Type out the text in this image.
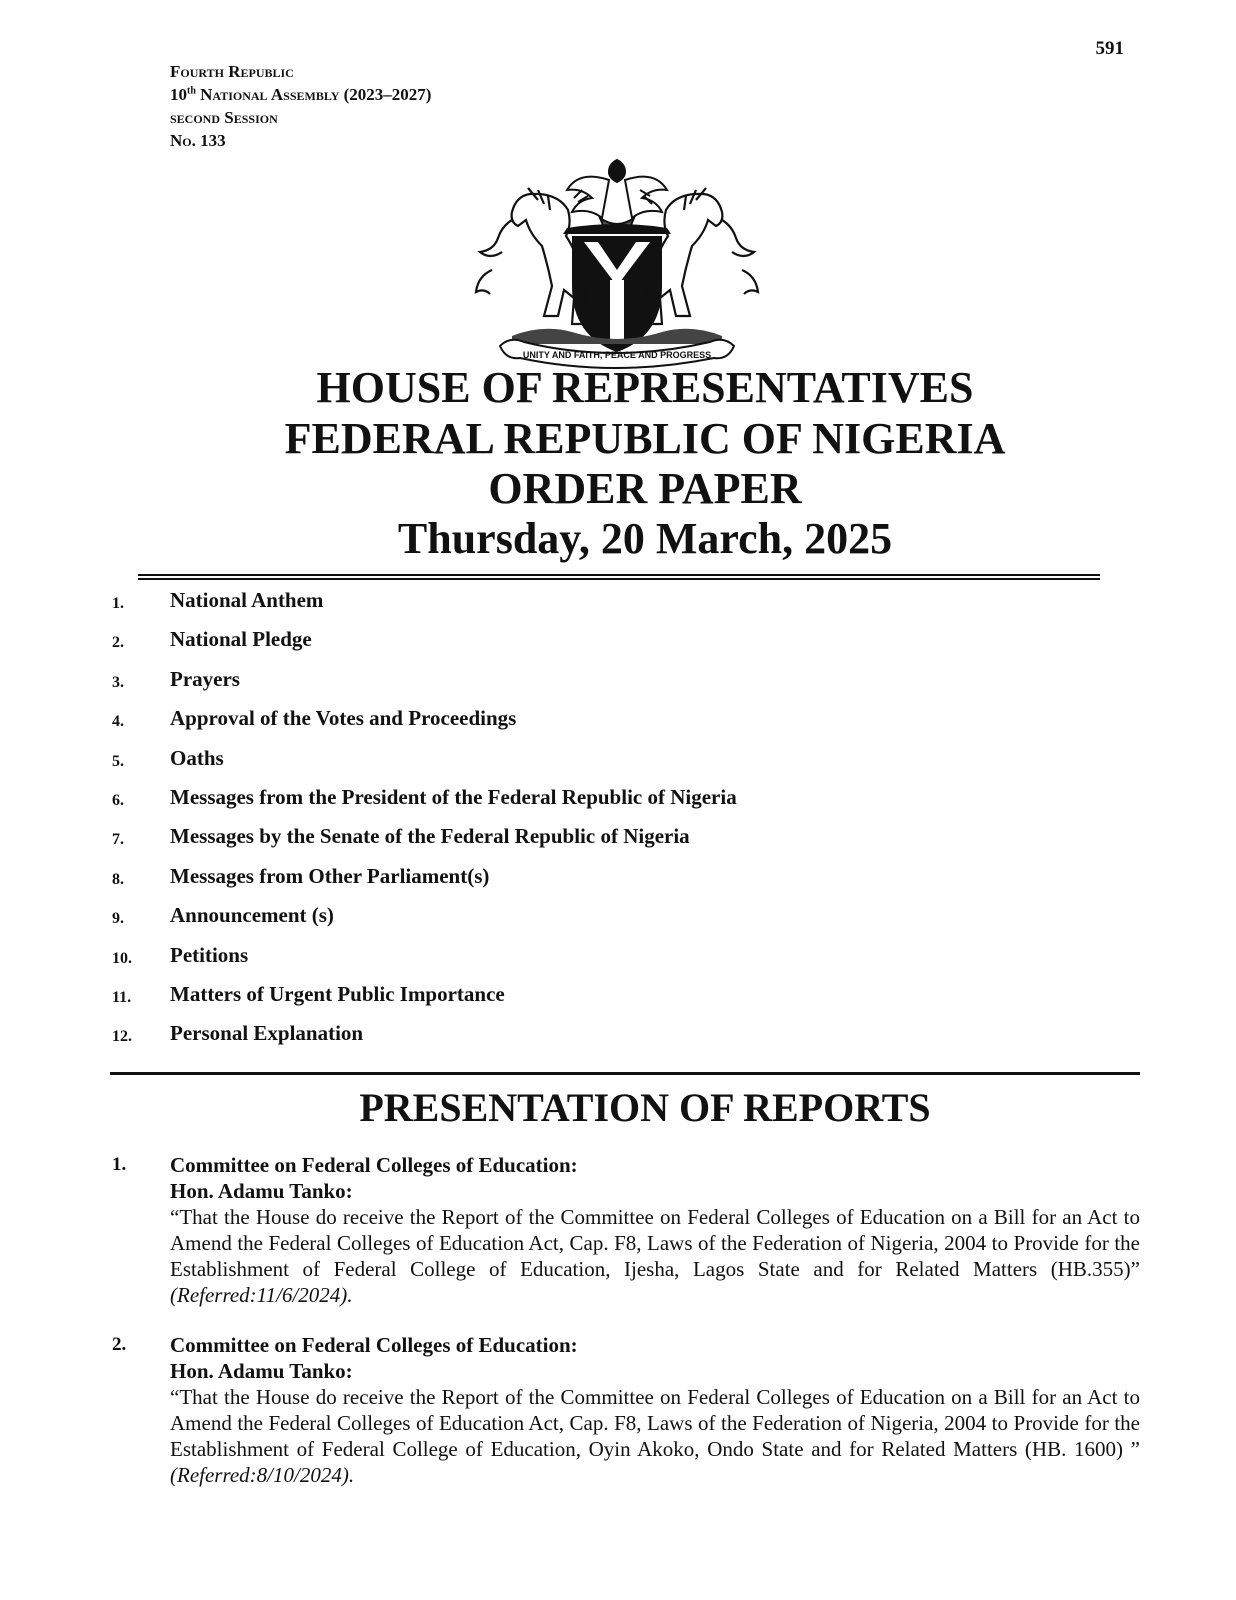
591
Fourth Republic
10th National Assembly (2023–2027)
second Session
No. 133
UNITY AND FAITH, PEACE AND PROGRESS
HOUSE OF REPRESENTATIVES
FEDERAL REPUBLIC OF NIGERIA
ORDER PAPER
Thursday, 20 March, 2025
1. National Anthem
2. National Pledge
3. Prayers
4. Approval of the Votes and Proceedings
5. Oaths
6. Messages from the President of the Federal Republic of Nigeria
7. Messages by the Senate of the Federal Republic of Nigeria
8. Messages from Other Parliament(s)
9. Announcement (s)
10. Petitions
11. Matters of Urgent Public Importance
12. Personal Explanation
PRESENTATION OF REPORTS
1. Committee on Federal Colleges of Education:
Hon. Adamu Tanko:
“That the House do receive the Report of the Committee on Federal Colleges of Education on a Bill for an Act to Amend the Federal Colleges of Education Act, Cap. F8, Laws of the Federation of Nigeria, 2004 to Provide for the Establishment of Federal College of Education, Ijesha, Lagos State and for Related Matters (HB.355)” (Referred:11/6/2024).
2. Committee on Federal Colleges of Education:
Hon. Adamu Tanko:
“That the House do receive the Report of the Committee on Federal Colleges of Education on a Bill for an Act to Amend the Federal Colleges of Education Act, Cap. F8, Laws of the Federation of Nigeria, 2004 to Provide for the Establishment of Federal College of Education, Oyin Akoko, Ondo State and for Related Matters (HB. 1600) ” (Referred:8/10/2024).
